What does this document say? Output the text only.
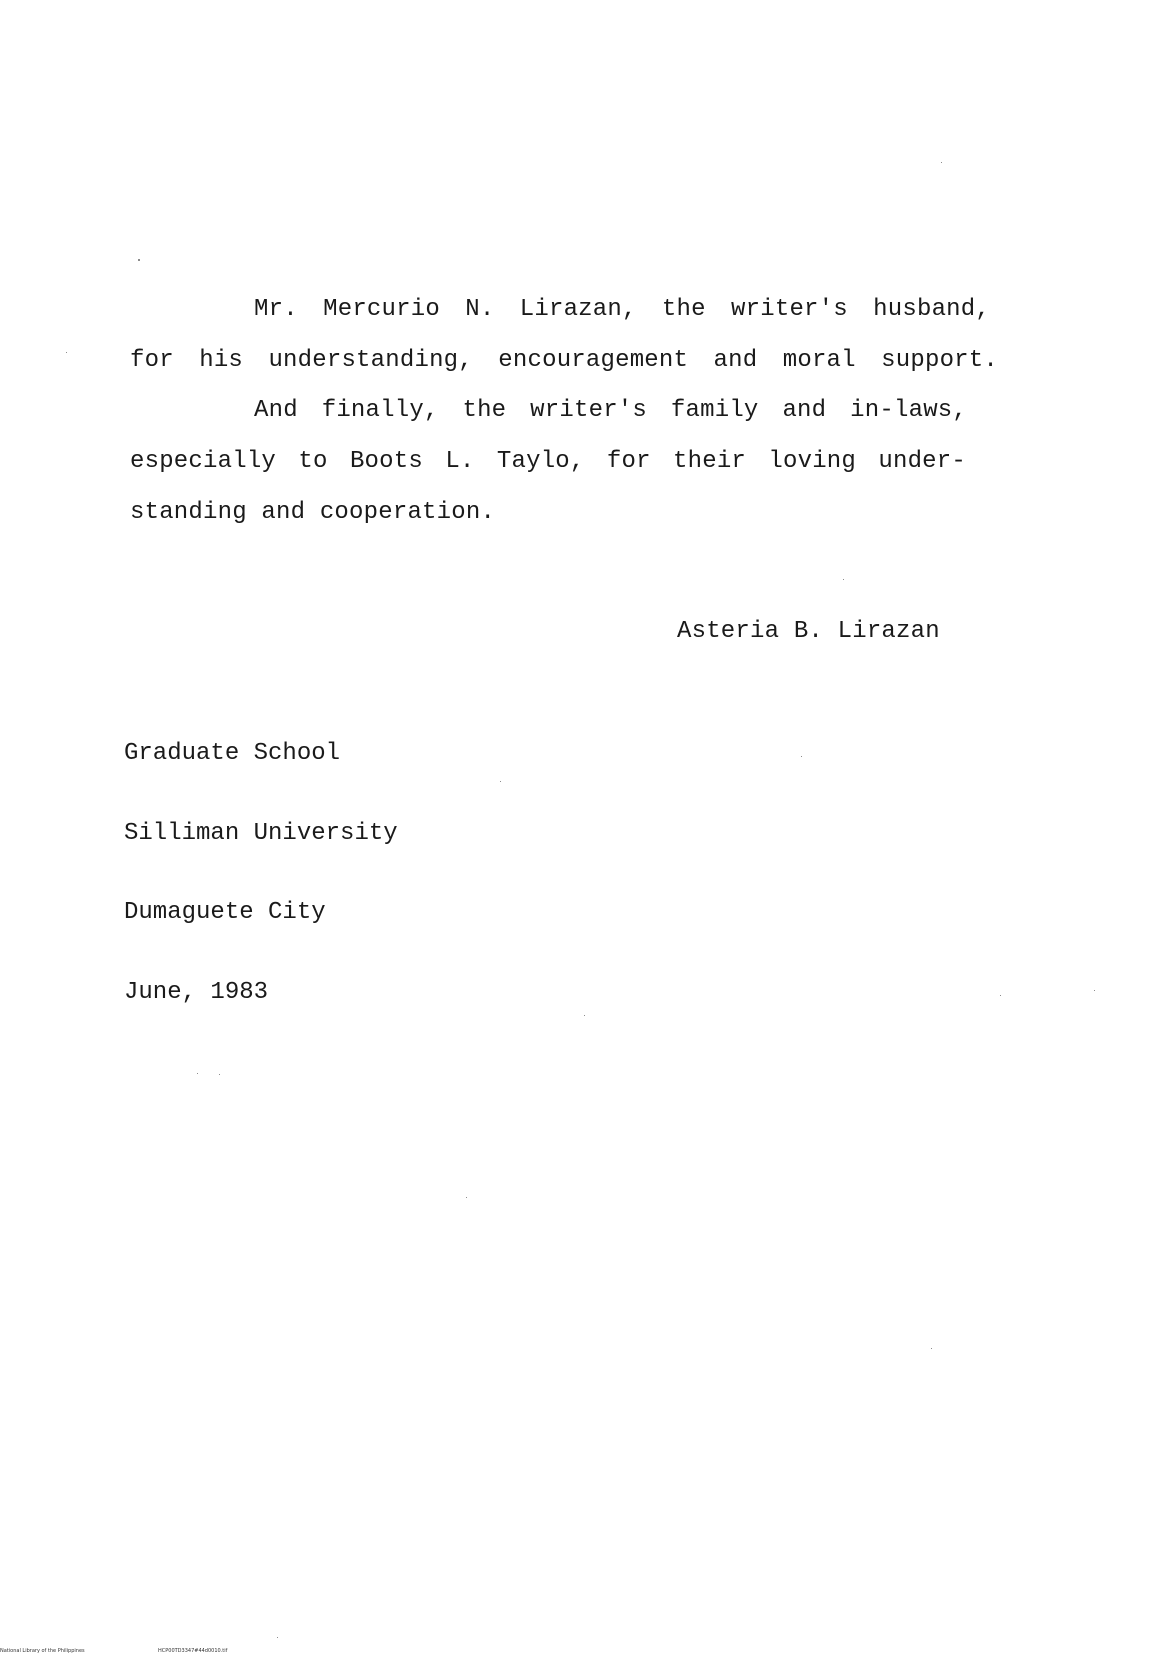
Mr. Mercurio N. Lirazan, the writer's husband,
for his understanding, encouragement and moral support.
And finally, the writer's family and in-laws,
especially to Boots L. Taylo, for their loving under-
standing and cooperation.
Asteria B. Lirazan

Graduate School

Silliman University

Dumaguete City

June, 1983

National Library of the Philippines	HCP00TD3347#44d0010.tif
